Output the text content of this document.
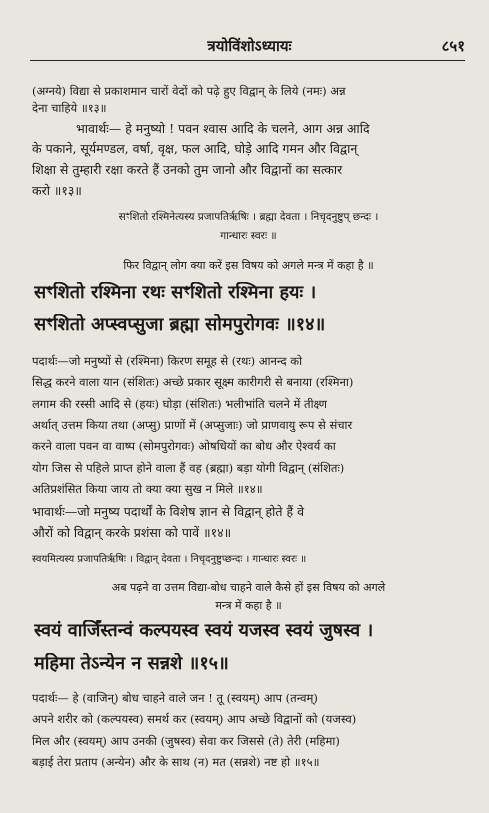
त्रयोविंशोऽध्यायः	८५१
(अग्नये) विद्या से प्रकाशमान चारों वेदों को पढ़े हुए विद्वान् के लिये (नमः) अन्न
देना चाहिये ॥१३॥
भावार्थः— हे मनुष्यो ! पवन श्वास आदि के चलने, आग अन्न आदि
के पकाने, सूर्यमण्डल, वर्षा, वृक्ष, फल आदि, घोड़े आदि गमन और विद्वान्
शिक्षा से तुम्हारी रक्षा करते हैं उनको तुम जानो और विद्वानों का सत्कार
करो ॥१३॥
सꣳशितो रश्मिनेत्यस्य प्रजापतिर्ऋषिः । ब्रह्मा देवता । निचृदनुष्टुप् छन्दः ।
गान्धारः स्वरः ॥
फिर विद्वान् लोग क्या करें इस विषय को अगले मन्त्र में कहा है ॥
सꣳशितो रश्मिना रथः सꣳशितो रश्मिना हयः ।
सꣳशितो अप्स्वप्सुजा ब्रह्मा सोमपुरोगवः ॥१४॥
पदार्थः—जो मनुष्यों से (रश्मिना) किरण समूह से (रथः) आनन्द को
सिद्ध करने वाला यान (संशितः) अच्छे प्रकार सूक्ष्म कारीगरी से बनाया (रश्मिना)
लगाम की रस्सी आदि से (हयः) घोड़ा (संशितः) भलीभांति चलने में तीक्ष्ण
अर्थात् उत्तम किया तथा (अप्सु) प्राणों में (अप्सुजाः) जो प्राणवायु रूप से संचार
करने वाला पवन वा वाष्प (सोमपुरोगवः) ओषधियों का बोध और ऐश्वर्य का
योग जिस से पहिले प्राप्त होने वाला हैं वह (ब्रह्मा) बड़ा योगी विद्वान् (संशितः)
अतिप्रशंसित किया जाय तो क्या क्या सुख न मिले ॥१४॥
भावार्थः—जो मनुष्य पदार्थों के विशेष ज्ञान से विद्वान् होते हैं वे
औरों को विद्वान् करके प्रशंसा को पावें ॥१४॥
स्वयमित्यस्य प्रजापतिर्ऋषिः । विद्वान् देवता । निचृदनुष्टुप्छन्दः । गान्धारः स्वरः ॥
अब पढ़ने वा उत्तम विद्या-बोध चाहने वाले कैसे हों इस विषय को अगले
मन्त्र में कहा है ॥
स्वयं वाजिँस्तन्वं कल्पयस्व स्वयं यजस्व स्वयं जुषस्व ।
महिमा तेऽन्येन न सन्नशे ॥१५॥
पदार्थः— हे (वाजिन्) बोध चाहने वाले जन ! तू (स्वयम्) आप (तन्वम्)
अपने शरीर को (कल्पयस्व) समर्थ कर (स्वयम्) आप अच्छे विद्वानों को (यजस्व)
मिल और (स्वयम्) आप उनकी (जुषस्व) सेवा कर जिससे (ते) तेरी (महिमा)
बड़ाई तेरा प्रताप (अन्येन) और के साथ (न) मत (सन्नशे) नष्ट हो ॥१५॥
